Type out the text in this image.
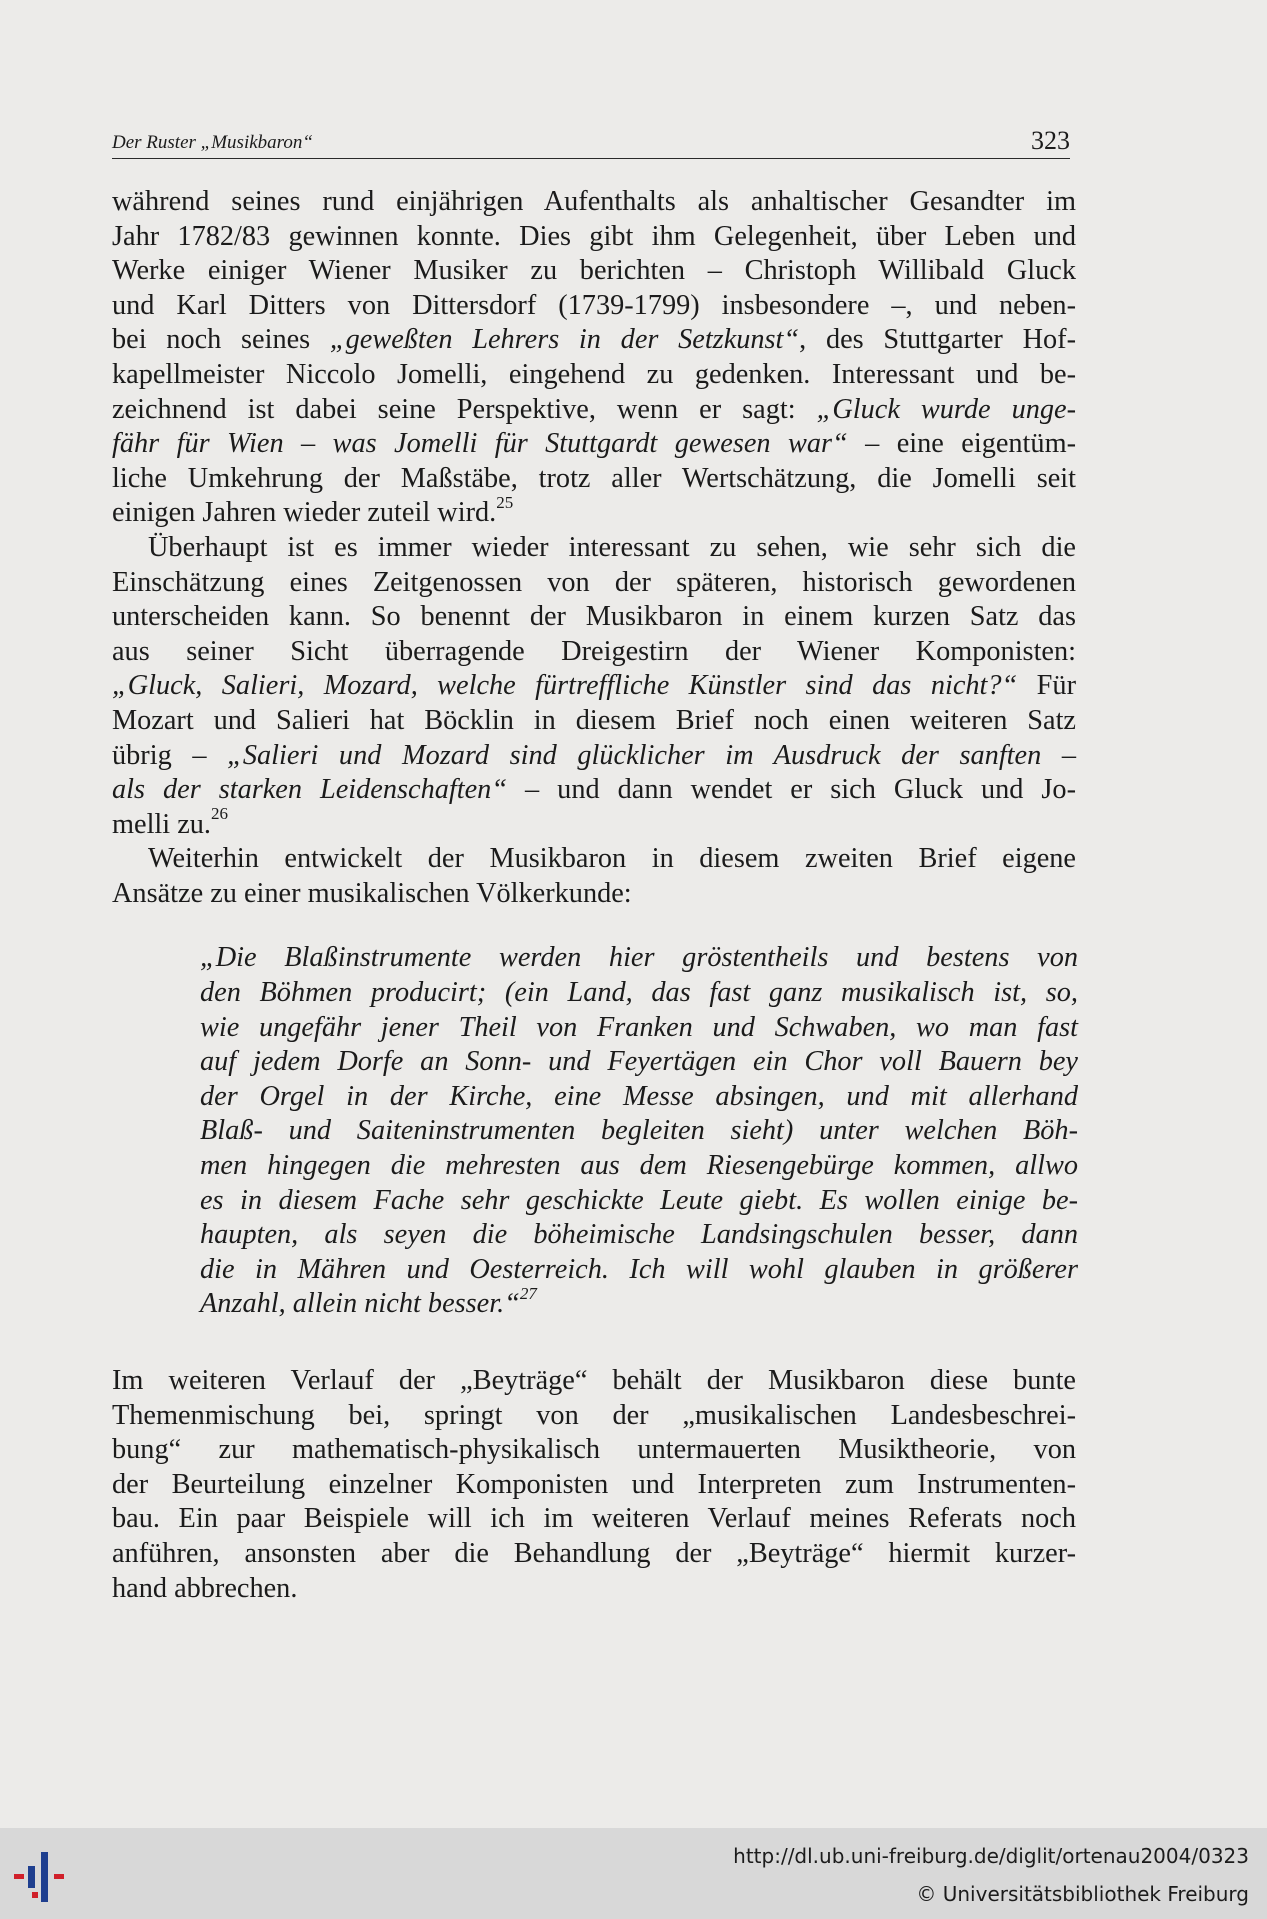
Der Ruster „Musikbaron“	323

während seines rund einjährigen Aufenthalts als anhaltischer Gesandter im
Jahr 1782/83 gewinnen konnte. Dies gibt ihm Gelegenheit, über Leben und
Werke einiger Wiener Musiker zu berichten – Christoph Willibald Gluck
und Karl Ditters von Dittersdorf (1739-1799) insbesondere –, und neben-
bei noch seines „gewеßten Lehrers in der Setzkunst“, des Stuttgarter Hof-
kapellmeister Niccolo Jomelli, eingehend zu gedenken. Interessant und be-
zeichnend ist dabei seine Perspektive, wenn er sagt: „Gluck wurde unge-
fähr für Wien – was Jomelli für Stuttgardt gewesen war“ – eine eigentüm-
liche Umkehrung der Maßstäbe, trotz aller Wertschätzung, die Jomelli seit
einigen Jahren wieder zuteil wird.$^{25}$

Überhaupt ist es immer wieder interessant zu sehen, wie sehr sich die
Einschätzung eines Zeitgenossen von der späteren, historisch gewordenen
unterscheiden kann. So benennt der Musikbaron in einem kurzen Satz das
aus seiner Sicht überragende Dreigestirn der Wiener Komponisten:
„Gluck, Salieri, Mozard, welche fürtreffliche Künstler sind das nicht?“ Für
Mozart und Salieri hat Böcklin in diesem Brief noch einen weiteren Satz
übrig – „Salieri und Mozard sind glücklicher im Ausdruck der sanften –
als der starken Leidenschaften“ – und dann wendet er sich Gluck und Jo-
melli zu.$^{26}$

Weiterhin entwickelt der Musikbaron in diesem zweiten Brief eigene
Ansätze zu einer musikalischen Völkerkunde:

„Die Blaßinstrumente werden hier gröstentheils und bestens von
den Böhmen producirt; (ein Land, das fast ganz musikalisch ist, so,
wie ungefähr jener Theil von Franken und Schwaben, wo man fast
auf jedem Dorfe an Sonn- und Feyertägen ein Chor voll Bauern bey
der Orgel in der Kirche, eine Messe absingen, und mit allerhand
Blaß- und Saiteninstrumenten begleiten sieht) unter welchen Böh-
men hingegen die mehresten aus dem Riesengebürge kommen, allwo
es in diesem Fache sehr geschickte Leute giebt. Es wollen einige be-
haupten, als seyen die böheimische Landsingschulen besser, dann
die in Mähren und Oesterreich. Ich will wohl glauben in größerer
Anzahl, allein nicht besser.“$^{27}$
Im weiteren Verlauf der „Beyträge“ behält der Musikbaron diese bunte
Themenmischung bei, springt von der „musikalischen Landesbeschrei-
bung“ zur mathematisch-physikalisch untermauerten Musiktheorie, von
der Beurteilung einzelner Komponisten und Interpreten zum Instrumenten-
bau. Ein paar Beispiele will ich im weiteren Verlauf meines Referats noch
anführen, ansonsten aber die Behandlung der „Beyträge“ hiermit kurzer-
hand abbrechen.
http://dl.ub.uni-freiburg.de/diglit/ortenau2004/0323
© Universitätsbibliothek Freiburg
